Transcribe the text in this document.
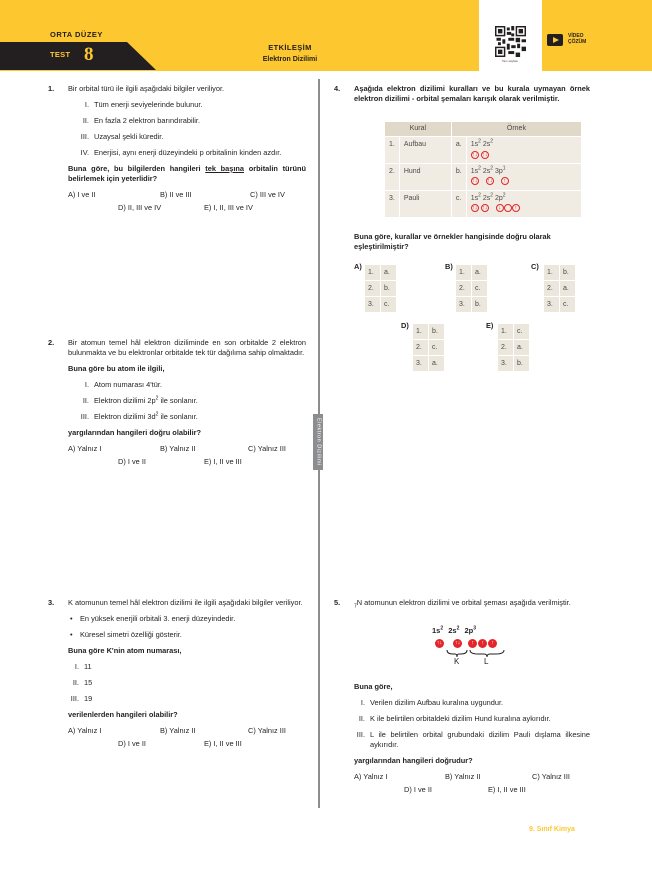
ORTA DÜZEY
TEST 8	ETKİLEŞİM
Elektron Dizilimi	Tanı sayfası
VİDEO
ÇÖZÜM
Elektron Dizilimi
1. Bir orbital türü ile ilgili aşağıdaki bilgiler veriliyor.
I. Tüm enerji seviyelerinde bulunur.
II. En fazla 2 elektron barındırabilir.
III. Uzaysal şekli küredir.
IV. Enerjisi, aynı enerji düzeyindeki p orbitalinin kinden azdır.
Buna göre, bu bilgilerden hangileri tek başına orbitalin türünü belirlemek için yeterlidir?
A) I ve II	B) II ve III	C) III ve IV
D) II, III ve IV	E) I, II, III ve IV
2. Bir atomun temel hâl elektron diziliminde en son orbitalde 2 elektron bulunmakta ve bu elektronlar orbitalde tek tür dağılıma sahip olmaktadır.
Buna göre bu atom ile ilgili,
I. Atom numarası 4'tür.
II. Elektron dizilimi $2p^2$ ile sonlanır.
III. Elektron dizilimi $3d^2$ ile sonlanır.
yargılarından hangileri doğru olabilir?
A) Yalnız I	B) Yalnız II	C) Yalnız III
D) I ve II	E) I, II ve III
3. K atomunun temel hâl elektron dizilimi ile ilgili aşağıdaki bilgiler veriliyor.
•	En yüksek enerjili orbitali 3. enerji düzeyindedir.
•	Küresel simetri özelliği gösterir.
Buna göre K'nin atom numarası,
I. 11
II. 15
III. 19
verilenlerden hangileri olabilir?
A) Yalnız I	B) Yalnız II	C) Yalnız III
D) I ve II	E) I, II ve III
4. Aşağıda elektron dizilimi kuralları ve bu kurala uymayan örnek elektron dizilimi - orbital şemaları karışık olarak verilmiştir.
Kural		Örnek	
1.	Aufbau	a.	$1s^2$ $2s^2$
↑↓ ↑↓

2.	Hund	b.	$1s^2$ $2s^2$ $3p^1$
↑↓ ↑↓ ↑

3.	Pauli	c.	$1s^2$ $2s^2$ $2p^2$
↑↓ ↑↓ ↓ ↑
Buna göre, kurallar ve örnekler hangisinde doğru olarak eşleştirilmiştir?
A)
1.	a.
2.	b.
3.	c.
B)
1.	a.
2.	c.
3.	b.
C)
1.	b.
2.	a.
3.	c.
D)
1.	b.
2.	c.
3.	a.
E)
1.	c.
2.	a.
3.	b.
5.	$_7$N atomunun elektron dizilimi ve orbital şeması aşağıda verilmiştir.
$1s^2$ $2s^2$ $2p^3$
↑↓ ↑↓ ↑ ↑ ↑
K	L
Buna göre,
I. Verilen dizilim Aufbau kuralına uygundur.
II. K ile belirtilen orbitaldeki dizilim Hund kuralına aykırıdır.
III. L ile belirtilen orbital grubundaki dizilim Pauli dışlama ilkesine aykırıdır.
yargılarından hangileri doğrudur?
A) Yalnız I	B) Yalnız II	C) Yalnız III
D) I ve II	E) I, II ve III
9. Sınıf Kimya
